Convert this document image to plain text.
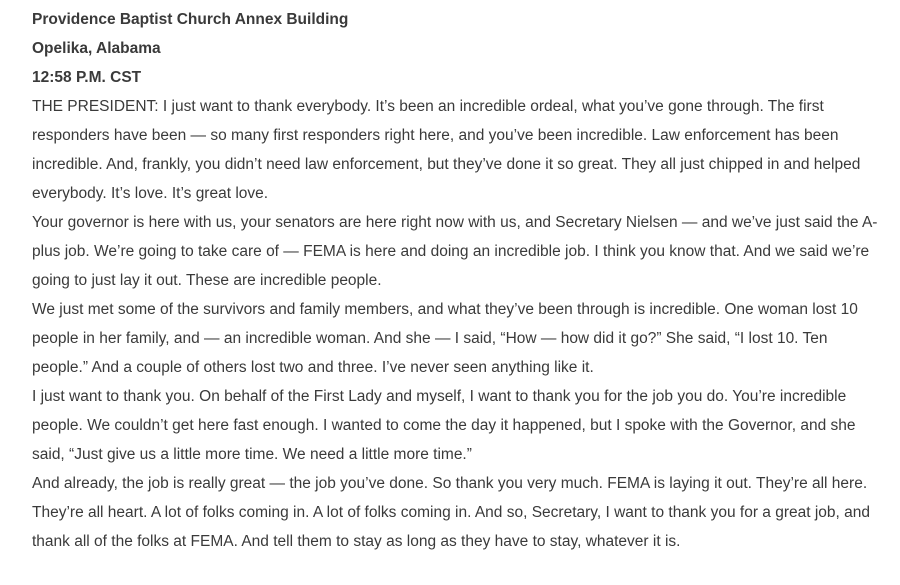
Providence Baptist Church Annex Building

Opelika, Alabama

12:58 P.M. CST

THE PRESIDENT: I just want to thank everybody. It’s been an incredible ordeal, what you’ve gone through. The first responders have been — so many first responders right here, and you’ve been incredible. Law enforcement has been incredible. And, frankly, you didn’t need law enforcement, but they’ve done it so great. They all just chipped in and helped everybody. It’s love. It’s great love.

Your governor is here with us, your senators are here right now with us, and Secretary Nielsen — and we’ve just said the A-plus job. We’re going to take care of — FEMA is here and doing an incredible job. I think you know that. And we said we’re going to just lay it out. These are incredible people.

We just met some of the survivors and family members, and what they’ve been through is incredible. One woman lost 10 people in her family, and — an incredible woman. And she — I said, “How — how did it go?” She said, “I lost 10. Ten people.” And a couple of others lost two and three. I’ve never seen anything like it.

I just want to thank you. On behalf of the First Lady and myself, I want to thank you for the job you do. You’re incredible people. We couldn’t get here fast enough. I wanted to come the day it happened, but I spoke with the Governor, and she said, “Just give us a little more time. We need a little more time.”

And already, the job is really great — the job you’ve done. So thank you very much. FEMA is laying it out. They’re all here. They’re all heart. A lot of folks coming in. A lot of folks coming in. And so, Secretary, I want to thank you for a great job, and thank all of the folks at FEMA. And tell them to stay as long as they have to stay, whatever it is.
